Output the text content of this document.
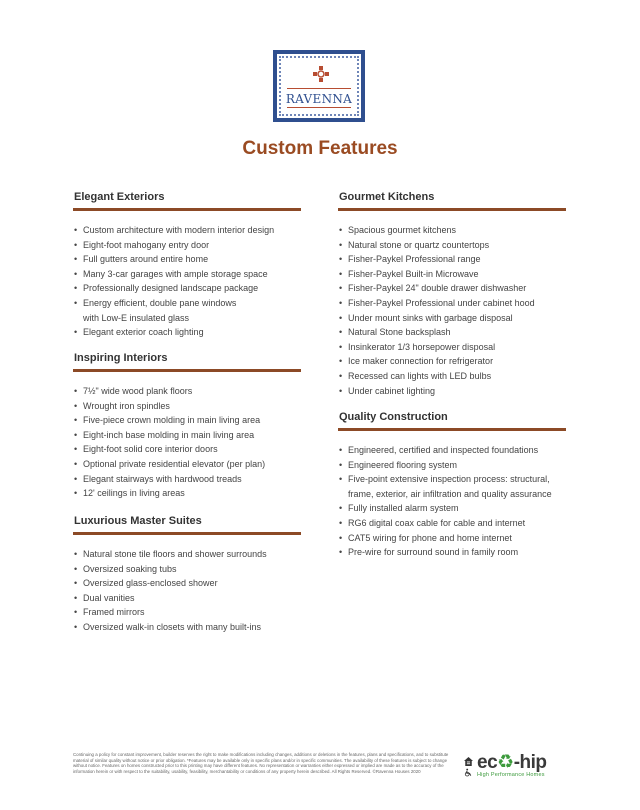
RAVENNA
Custom Features
Elegant Exteriors
• Custom architecture with modern interior design
• Eight-foot mahogany entry door
• Full gutters around entire home
• Many 3-car garages with ample storage space
• Professionally designed landscape package
• Energy efficient, double pane windows
with Low-E insulated glass
• Elegant exterior coach lighting
Inspiring Interiors
• 7½" wide wood plank floors
• Wrought iron spindles
• Five-piece crown molding in main living area
• Eight-inch base molding in main living area
• Eight-foot solid core interior doors
• Optional private residential elevator (per plan)
• Elegant stairways with hardwood treads
• 12' ceilings in living areas
Luxurious Master Suites
• Natural stone tile floors and shower surrounds
• Oversized soaking tubs
• Oversized glass-enclosed shower
• Dual vanities
• Framed mirrors
• Oversized walk-in closets with many built-ins
Gourmet Kitchens
• Spacious gourmet kitchens
• Natural stone or quartz countertops
• Fisher-Paykel Professional range
• Fisher-Paykel Built-in Microwave
• Fisher-Paykel 24" double drawer dishwasher
• Fisher-Paykel Professional under cabinet hood
• Under mount sinks with garbage disposal
• Natural Stone backsplash
• Insinkerator 1/3 horsepower disposal
• Ice maker connection for refrigerator
• Recessed can lights with LED bulbs
• Under cabinet lighting
Quality Construction
• Engineered, certified and inspected foundations
• Engineered flooring system
• Five-point extensive inspection process: structural,
frame, exterior, air infiltration and quality assurance
• Fully installed alarm system
• RG6 digital coax cable for cable and internet
• CAT5 wiring for phone and home internet
• Pre-wire for surround sound in family room
Continuing a policy for constant improvement, builder reserves the right to make modifications including changes, additions or deletions in the features, plans and specifications, and to substitute material of similar quality without notice or prior obligation. *Features may be available only in specific plans and/or in specific communities. The availability of these features is subject to change without notice. Features on homes constructed prior to this printing may have different features. No representation or warranties either expressed or implied are made as to the accuracy of the information herein or with respect to the suitability, usability, feasibility, merchantability or conditions of any property herein described. All Rights Reserved. ©Ravenna Houses 2020	ec♻-hip
High Performance Homes
